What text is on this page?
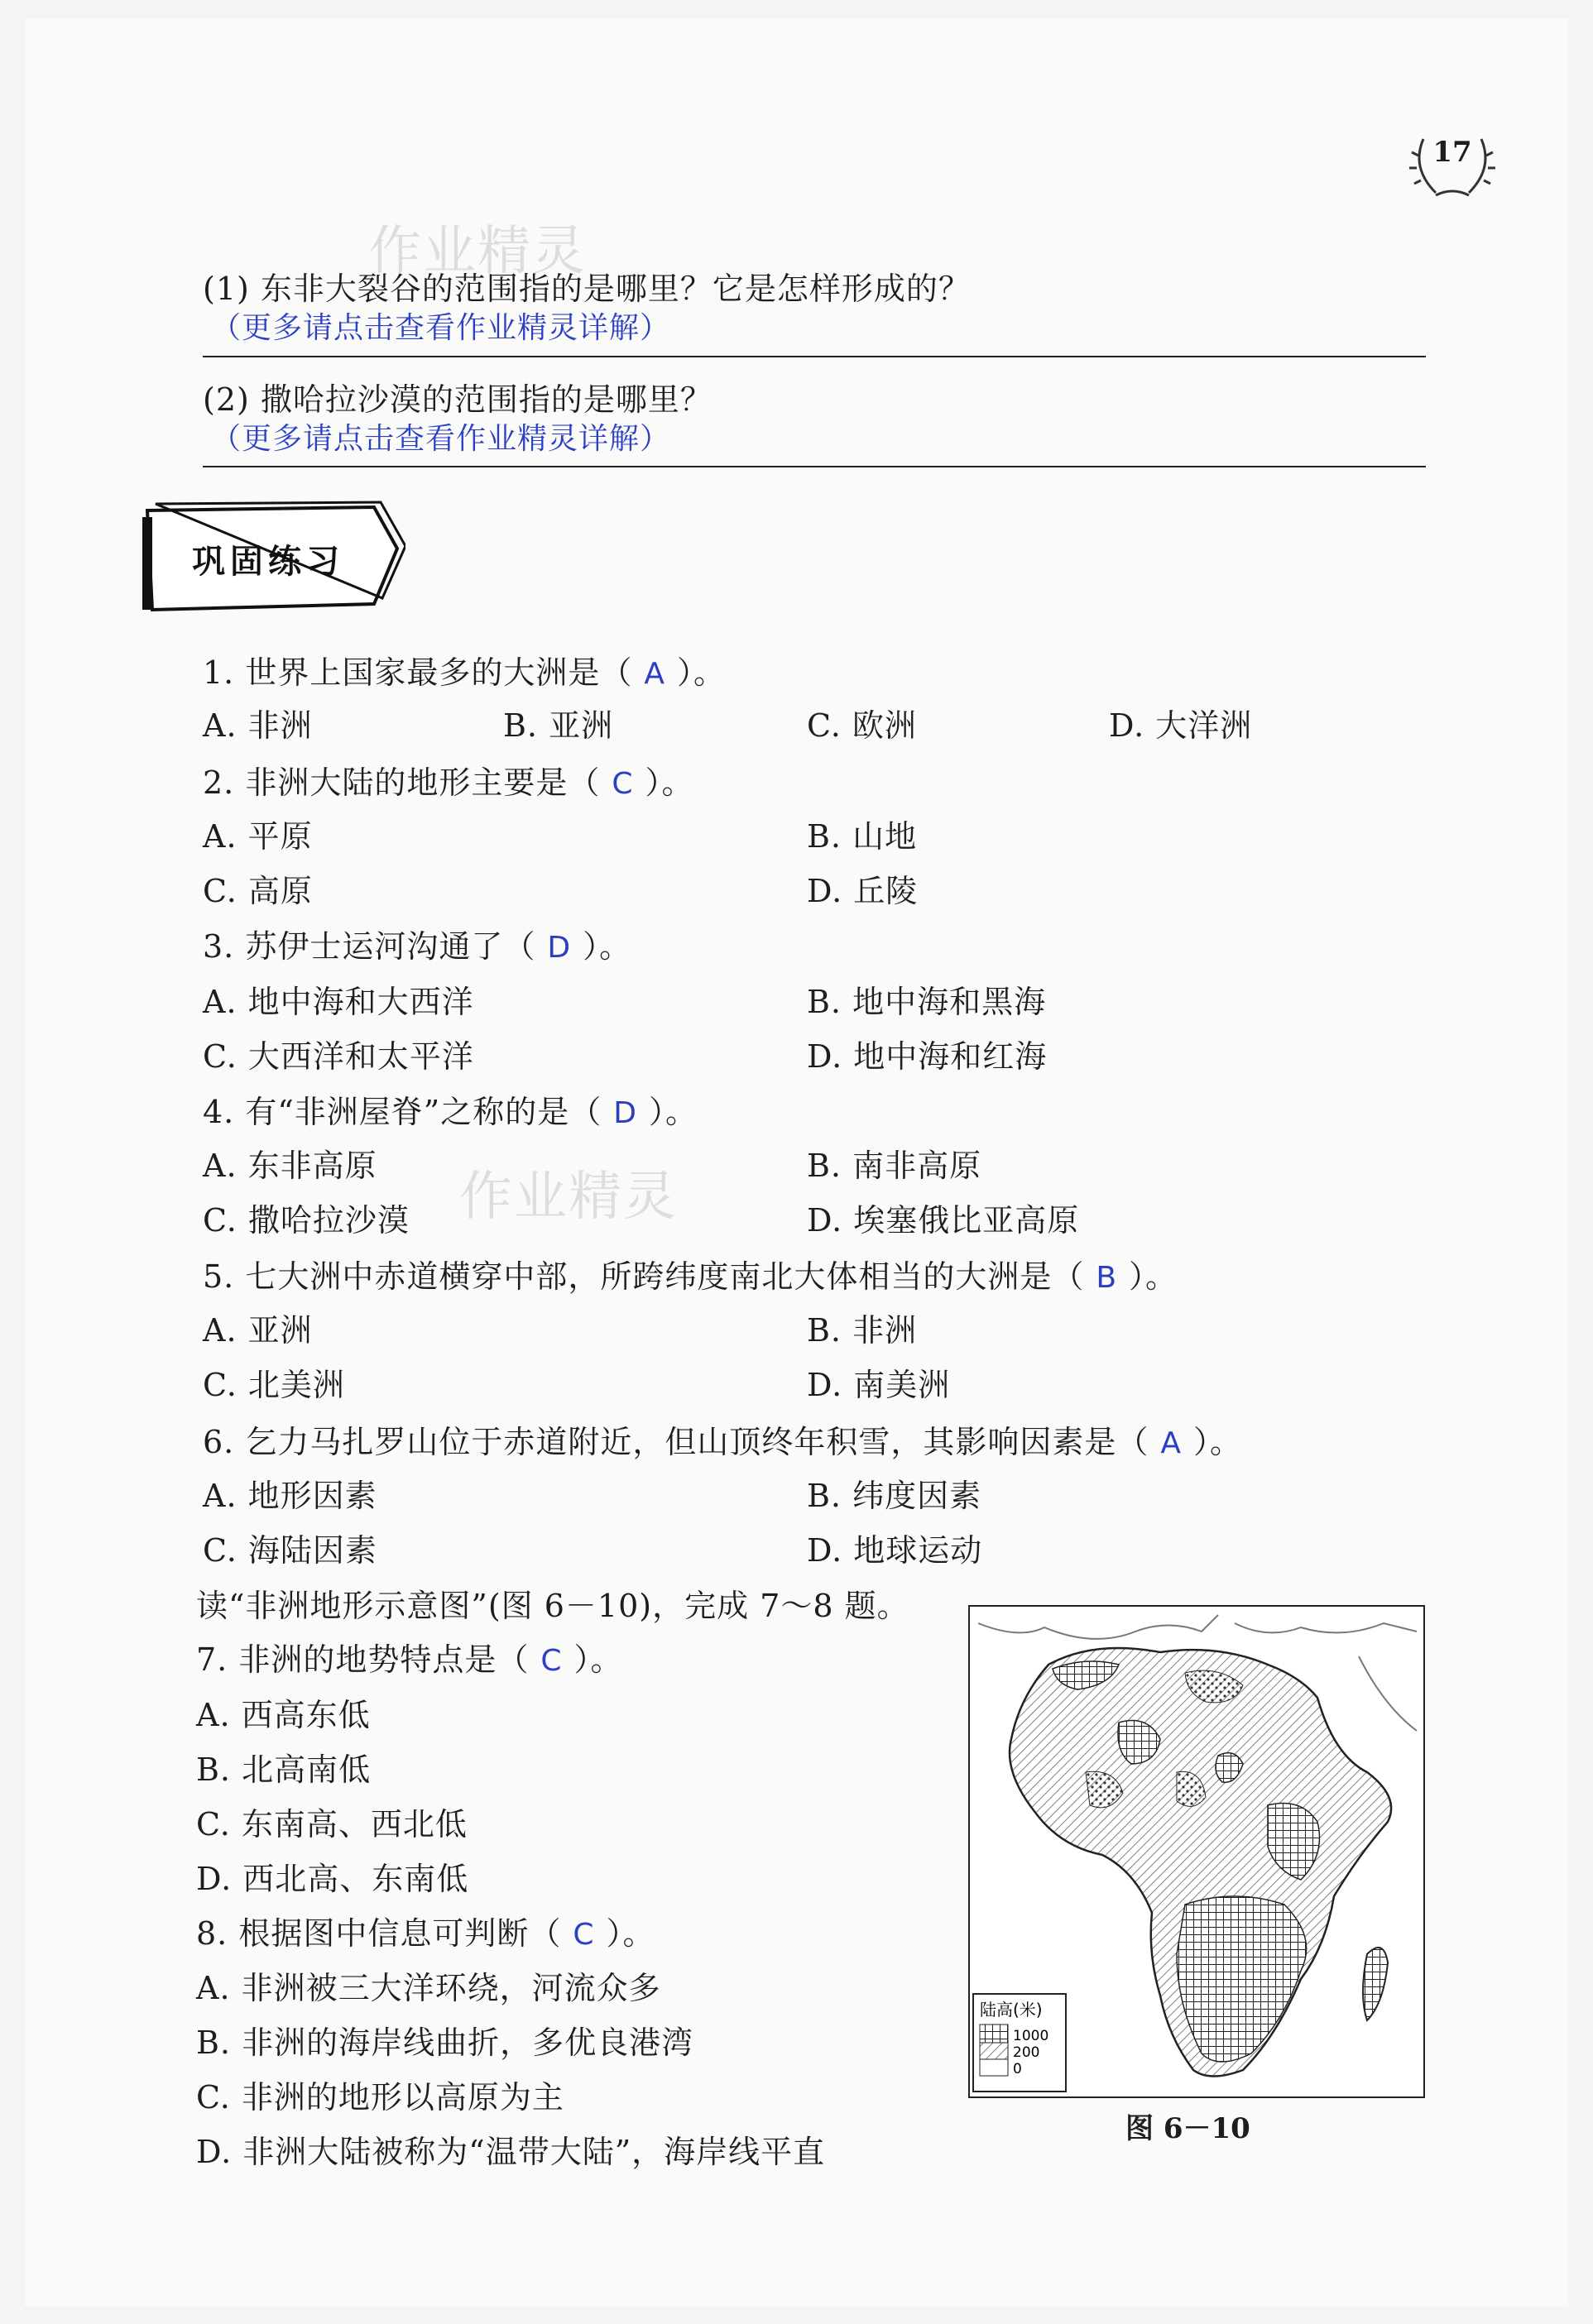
17
作业精灵
作业精灵
(1) 东非大裂谷的范围指的是哪里？它是怎样形成的？
（更多请点击查看作业精灵详解）
(2) 撒哈拉沙漠的范围指的是哪里？
（更多请点击查看作业精灵详解）
巩固练习
1. 世界上国家最多的大洲是（ A ）。
A. 非洲	B. 亚洲	C. 欧洲	D. 大洋洲
2. 非洲大陆的地形主要是（ C ）。
A. 平原	B. 山地
C. 高原	D. 丘陵
3. 苏伊士运河沟通了（ D ）。
A. 地中海和大西洋	B. 地中海和黑海
C. 大西洋和太平洋	D. 地中海和红海
4. 有“非洲屋脊”之称的是（ D ）。
A. 东非高原	B. 南非高原
C. 撒哈拉沙漠	D. 埃塞俄比亚高原
5. 七大洲中赤道横穿中部，所跨纬度南北大体相当的大洲是（ B ）。
A. 亚洲	B. 非洲
C. 北美洲	D. 南美洲
6. 乞力马扎罗山位于赤道附近，但山顶终年积雪，其影响因素是（ A ）。
A. 地形因素	B. 纬度因素
C. 海陆因素	D. 地球运动
读“非洲地形示意图”(图 6－10)，完成 7～8 题。
7. 非洲的地势特点是（ C ）。
A. 西高东低
B. 北高南低
C. 东南高、西北低
D. 西北高、东南低
8. 根据图中信息可判断（ C ）。
A. 非洲被三大洋环绕，河流众多
B. 非洲的海岸线曲折，多优良港湾
C. 非洲的地形以高原为主
D. 非洲大陆被称为“温带大陆”，海岸线平直
陆高(米)
1000
200
0
图 6－10
